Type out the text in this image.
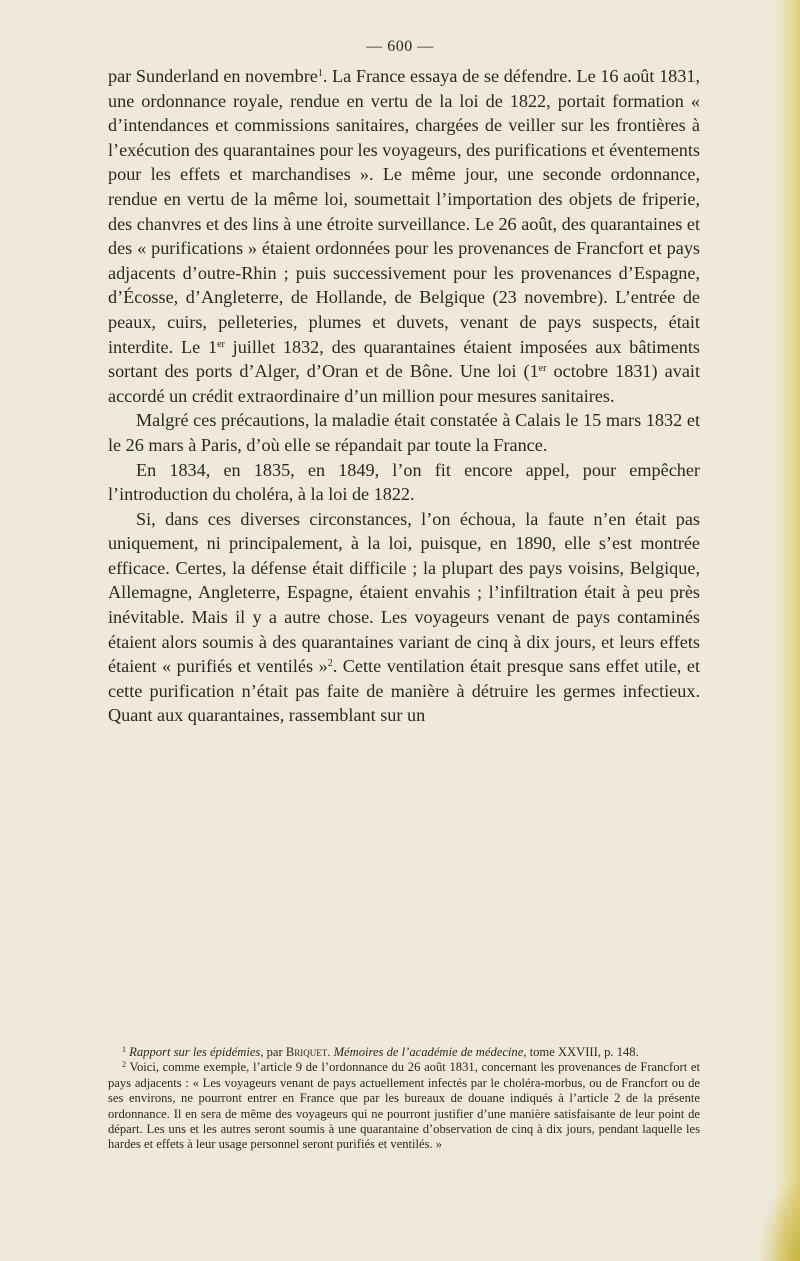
— 600 —

par Sunderland en novembre$^1$. La France essaya de se défendre. Le 16 août 1831, une ordonnance royale, rendue en vertu de la loi de 1822, portait formation « d’intendances et commissions sanitaires, chargées de veiller sur les frontières à l’exécution des quarantaines pour les voyageurs, des purifications et éventements pour les effets et marchandises ». Le même jour, une seconde ordonnance, rendue en vertu de la même loi, soumettait l’importation des objets de friperie, des chanvres et des lins à une étroite surveillance. Le 26 août, des quarantaines et des « purifications » étaient ordonnées pour les provenances de Francfort et pays adjacents d’outre-Rhin ; puis successivement pour les provenances d’Espagne, d’Écosse, d’Angleterre, de Hollande, de Belgique (23 novembre). L’entrée de peaux, cuirs, pelleteries, plumes et duvets, venant de pays suspects, était interdite. Le 1er juillet 1832, des quarantaines étaient imposées aux bâtiments sortant des ports d’Alger, d’Oran et de Bône. Une loi (1er octobre 1831) avait accordé un crédit extraordinaire d’un million pour mesures sanitaires.

Malgré ces précautions, la maladie était constatée à Calais le 15 mars 1832 et le 26 mars à Paris, d’où elle se répandait par toute la France.

En 1834, en 1835, en 1849, l’on fit encore appel, pour empêcher l’introduction du choléra, à la loi de 1822.

Si, dans ces diverses circonstances, l’on échoua, la faute n’en était pas uniquement, ni principalement, à la loi, puisque, en 1890, elle s’est montrée efficace. Certes, la défense était difficile ; la plupart des pays voisins, Belgique, Allemagne, Angleterre, Espagne, étaient envahis ; l’infiltration était à peu près inévitable. Mais il y a autre chose. Les voyageurs venant de pays contaminés étaient alors soumis à des quarantaines variant de cinq à dix jours, et leurs effets étaient « purifiés et ventilés »$^2$. Cette ventilation était presque sans effet utile, et cette purification n’était pas faite de manière à détruire les germes infectieux. Quant aux quarantaines, rassemblant sur un

$^1$ Rapport sur les épidémies, par Briquet. Mémoires de l’académie de médecine, tome XXVIII, p. 148.

$^2$ Voici, comme exemple, l’article 9 de l’ordonnance du 26 août 1831, concernant les provenances de Francfort et pays adjacents : « Les voyageurs venant de pays actuellement infectés par le choléra-morbus, ou de Francfort ou de ses environs, ne pourront entrer en France que par les bureaux de douane indiqués à l’article 2 de la présente ordonnance. Il en sera de même des voyageurs qui ne pourront justifier d’une manière satisfaisante de leur point de départ. Les uns et les autres seront soumis à une quarantaine d’observation de cinq à dix jours, pendant laquelle les hardes et effets à leur usage personnel seront purifiés et ventilés. »
